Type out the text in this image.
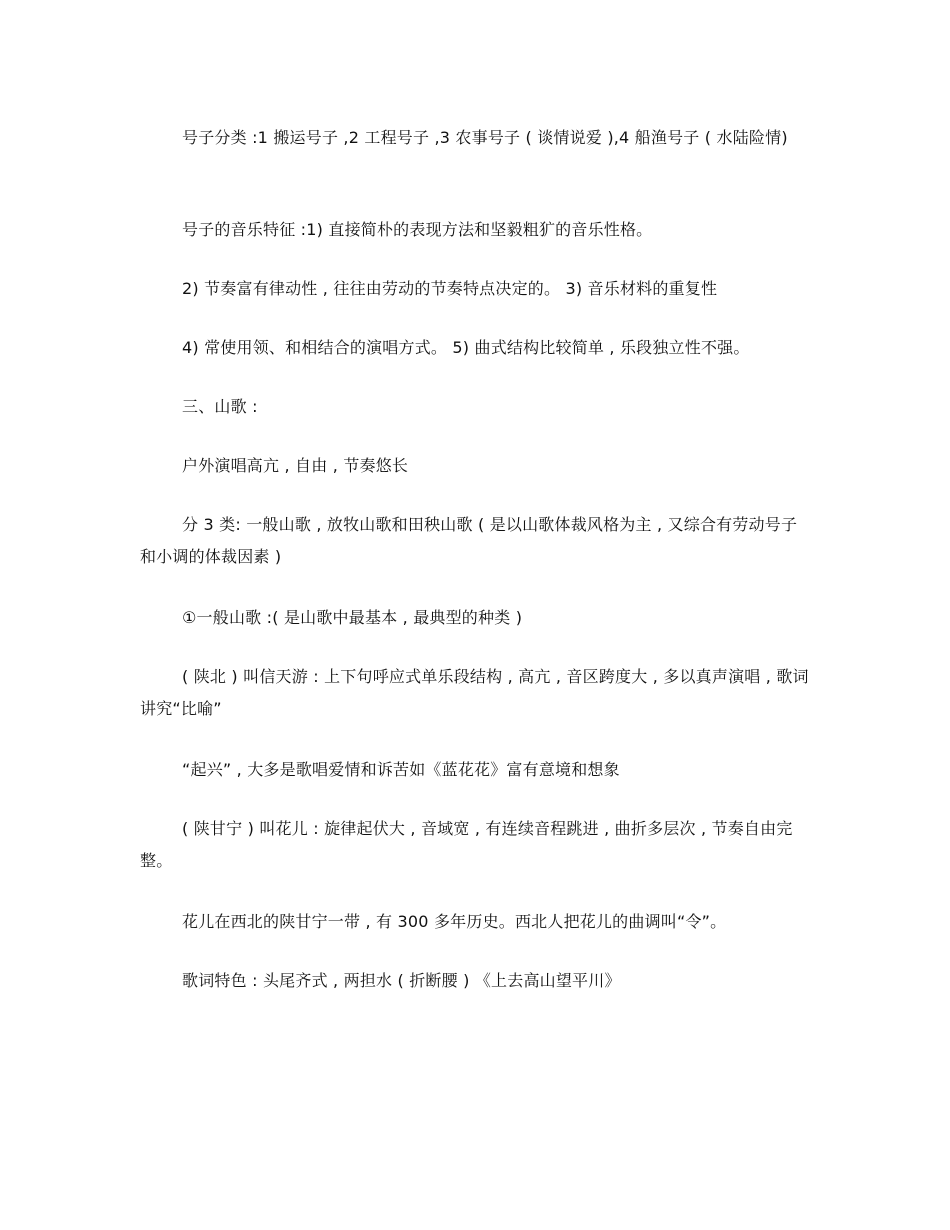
号子分类 :1 搬运号子 ,2 工程号子 ,3 农事号子 ( 谈情说爱 ),4 船渔号子 ( 水陆险情)

号子的音乐特征 :1) 直接简朴的表现方法和坚毅粗犷的音乐性格。

2) 节奏富有律动性 , 往往由劳动的节奏特点决定的。 3) 音乐材料的重复性

4) 常使用领、和相结合的演唱方式。 5) 曲式结构比较简单 , 乐段独立性不强。

三、山歌 :

户外演唱高亢 , 自由 , 节奏悠长

分 3 类: 一般山歌 , 放牧山歌和田秧山歌 ( 是以山歌体裁风格为主 , 又综合有劳动号子和小调的体裁因素 )

①一般山歌 :( 是山歌中最基本 , 最典型的种类 )

( 陕北 ) 叫信天游 : 上下句呼应式单乐段结构 , 高亢 , 音区跨度大 , 多以真声演唱 , 歌词讲究“比喻”

“起兴” , 大多是歌唱爱情和诉苦如《蓝花花》富有意境和想象

( 陕甘宁 ) 叫花儿 : 旋律起伏大 , 音域宽 , 有连续音程跳进 , 曲折多层次 , 节奏自由完整。

花儿在西北的陕甘宁一带 , 有 300 多年历史。西北人把花儿的曲调叫“令”。

歌词特色 : 头尾齐式 , 两担水 ( 折断腰 ) 《上去高山望平川》
